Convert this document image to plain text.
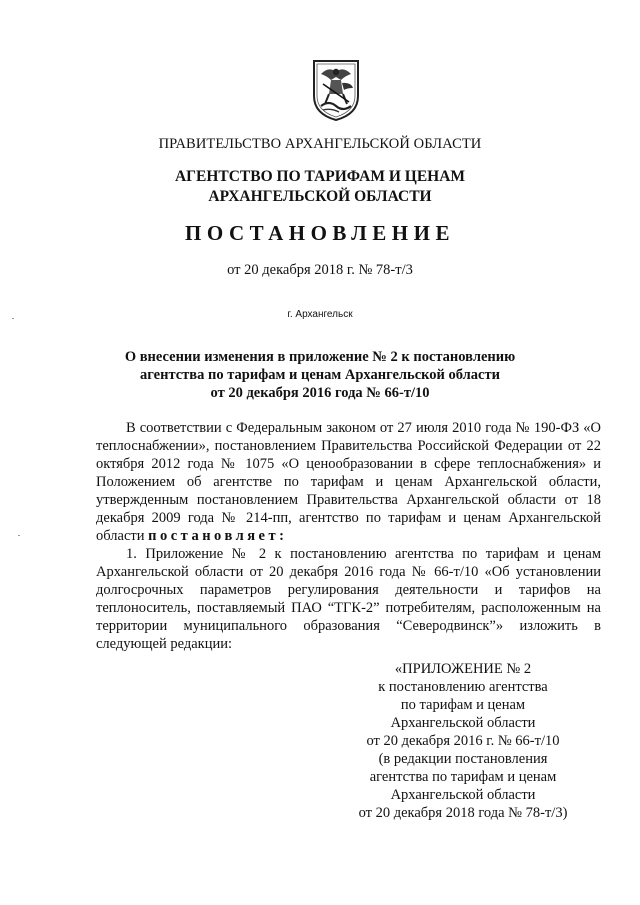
ПРАВИТЕЛЬСТВО АРХАНГЕЛЬСКОЙ ОБЛАСТИ
АГЕНТСТВО ПО ТАРИФАМ И ЦЕНАМ
АРХАНГЕЛЬСКОЙ ОБЛАСТИ
ПОСТАНОВЛЕНИЕ
от 20 декабря 2018 г. № 78-т/3
г. Архангельск
О внесении изменения в приложение № 2 к постановлению
агентства по тарифам и ценам Архангельской области
от 20 декабря 2016 года № 66-т/10

В соответствии с Федеральным законом от 27 июля 2010 года № 190-ФЗ «О теплоснабжении», постановлением Правительства Российской Федерации от 22 октября 2012 года № 1075 «О ценообразовании в сфере теплоснабжения» и Положением об агентстве по тарифам и ценам Архангельской области, утвержденным постановлением Правительства Архангельской области от 18 декабря 2009 года № 214-пп, агентство по тарифам и ценам Архангельской области постановляет:

1. Приложение № 2 к постановлению агентства по тарифам и ценам Архангельской области от 20 декабря 2016 года № 66-т/10 «Об установлении долгосрочных параметров регулирования деятельности и тарифов на теплоноситель, поставляемый ПАО “ТГК-2” потребителям, расположенным на территории муниципального образования “Северодвинск”» изложить в следующей редакции:

«ПРИЛОЖЕНИЕ № 2
к постановлению агентства
по тарифам и ценам
Архангельской области
от 20 декабря 2016 г. № 66-т/10
(в редакции постановления
агентства по тарифам и ценам
Архангельской области
от 20 декабря 2018 года № 78-т/3)
